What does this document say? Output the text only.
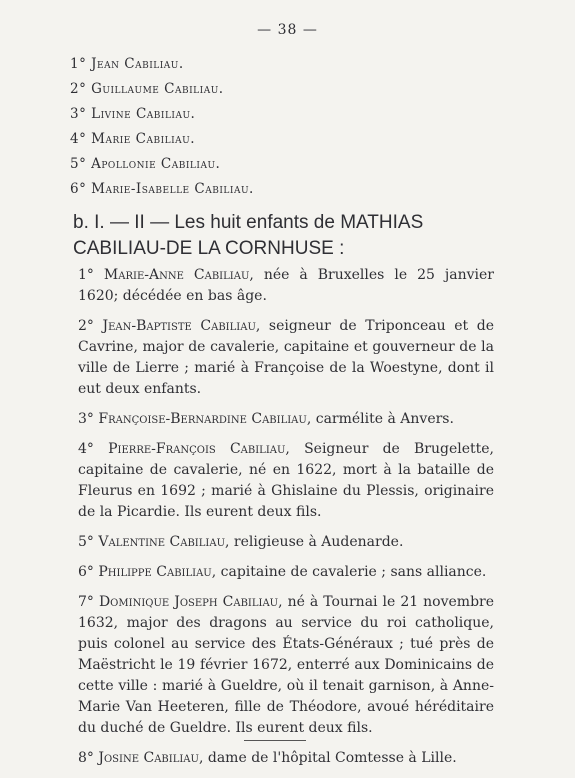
— 38 —
1° Jean Cabiliau.
2° Guillaume Cabiliau.
3° Livine Cabiliau.
4° Marie Cabiliau.
5° Apollonie Cabiliau.
6° Marie-Isabelle Cabiliau.
b. I. — II — Les huit enfants de MATHIAS CABILIAU-DE LA CORNHUSE :

1° Marie-Anne Cabiliau, née à Bruxelles le 25 janvier 1620; décédée en bas âge.

2° Jean-Baptiste Cabiliau, seigneur de Triponceau et de Cavrine, major de cavalerie, capitaine et gouverneur de la ville de Lierre ; marié à Françoise de la Woestyne, dont il eut deux enfants.

3° Françoise-Bernardine Cabiliau, carmélite à Anvers.

4° Pierre-François Cabiliau, Seigneur de Brugelette, capitaine de cavalerie, né en 1622, mort à la bataille de Fleurus en 1692 ; marié à Ghislaine du Plessis, originaire de la Picardie. Ils eurent deux fils.

5° Valentine Cabiliau, religieuse à Audenarde.

6° Philippe Cabiliau, capitaine de cavalerie ; sans alliance.

7° Dominique Joseph Cabiliau, né à Tournai le 21 novembre 1632, major des dragons au service du roi catholique, puis colonel au service des États-Généraux ; tué près de Maëstricht le 19 février 1672, enterré aux Dominicains de cette ville : marié à Gueldre, où il tenait garnison, à Anne-Marie Van Heeteren, fille de Théodore, avoué héréditaire du duché de Gueldre. Ils eurent deux fils.

8° Josine Cabiliau, dame de l'hôpital Comtesse à Lille.
